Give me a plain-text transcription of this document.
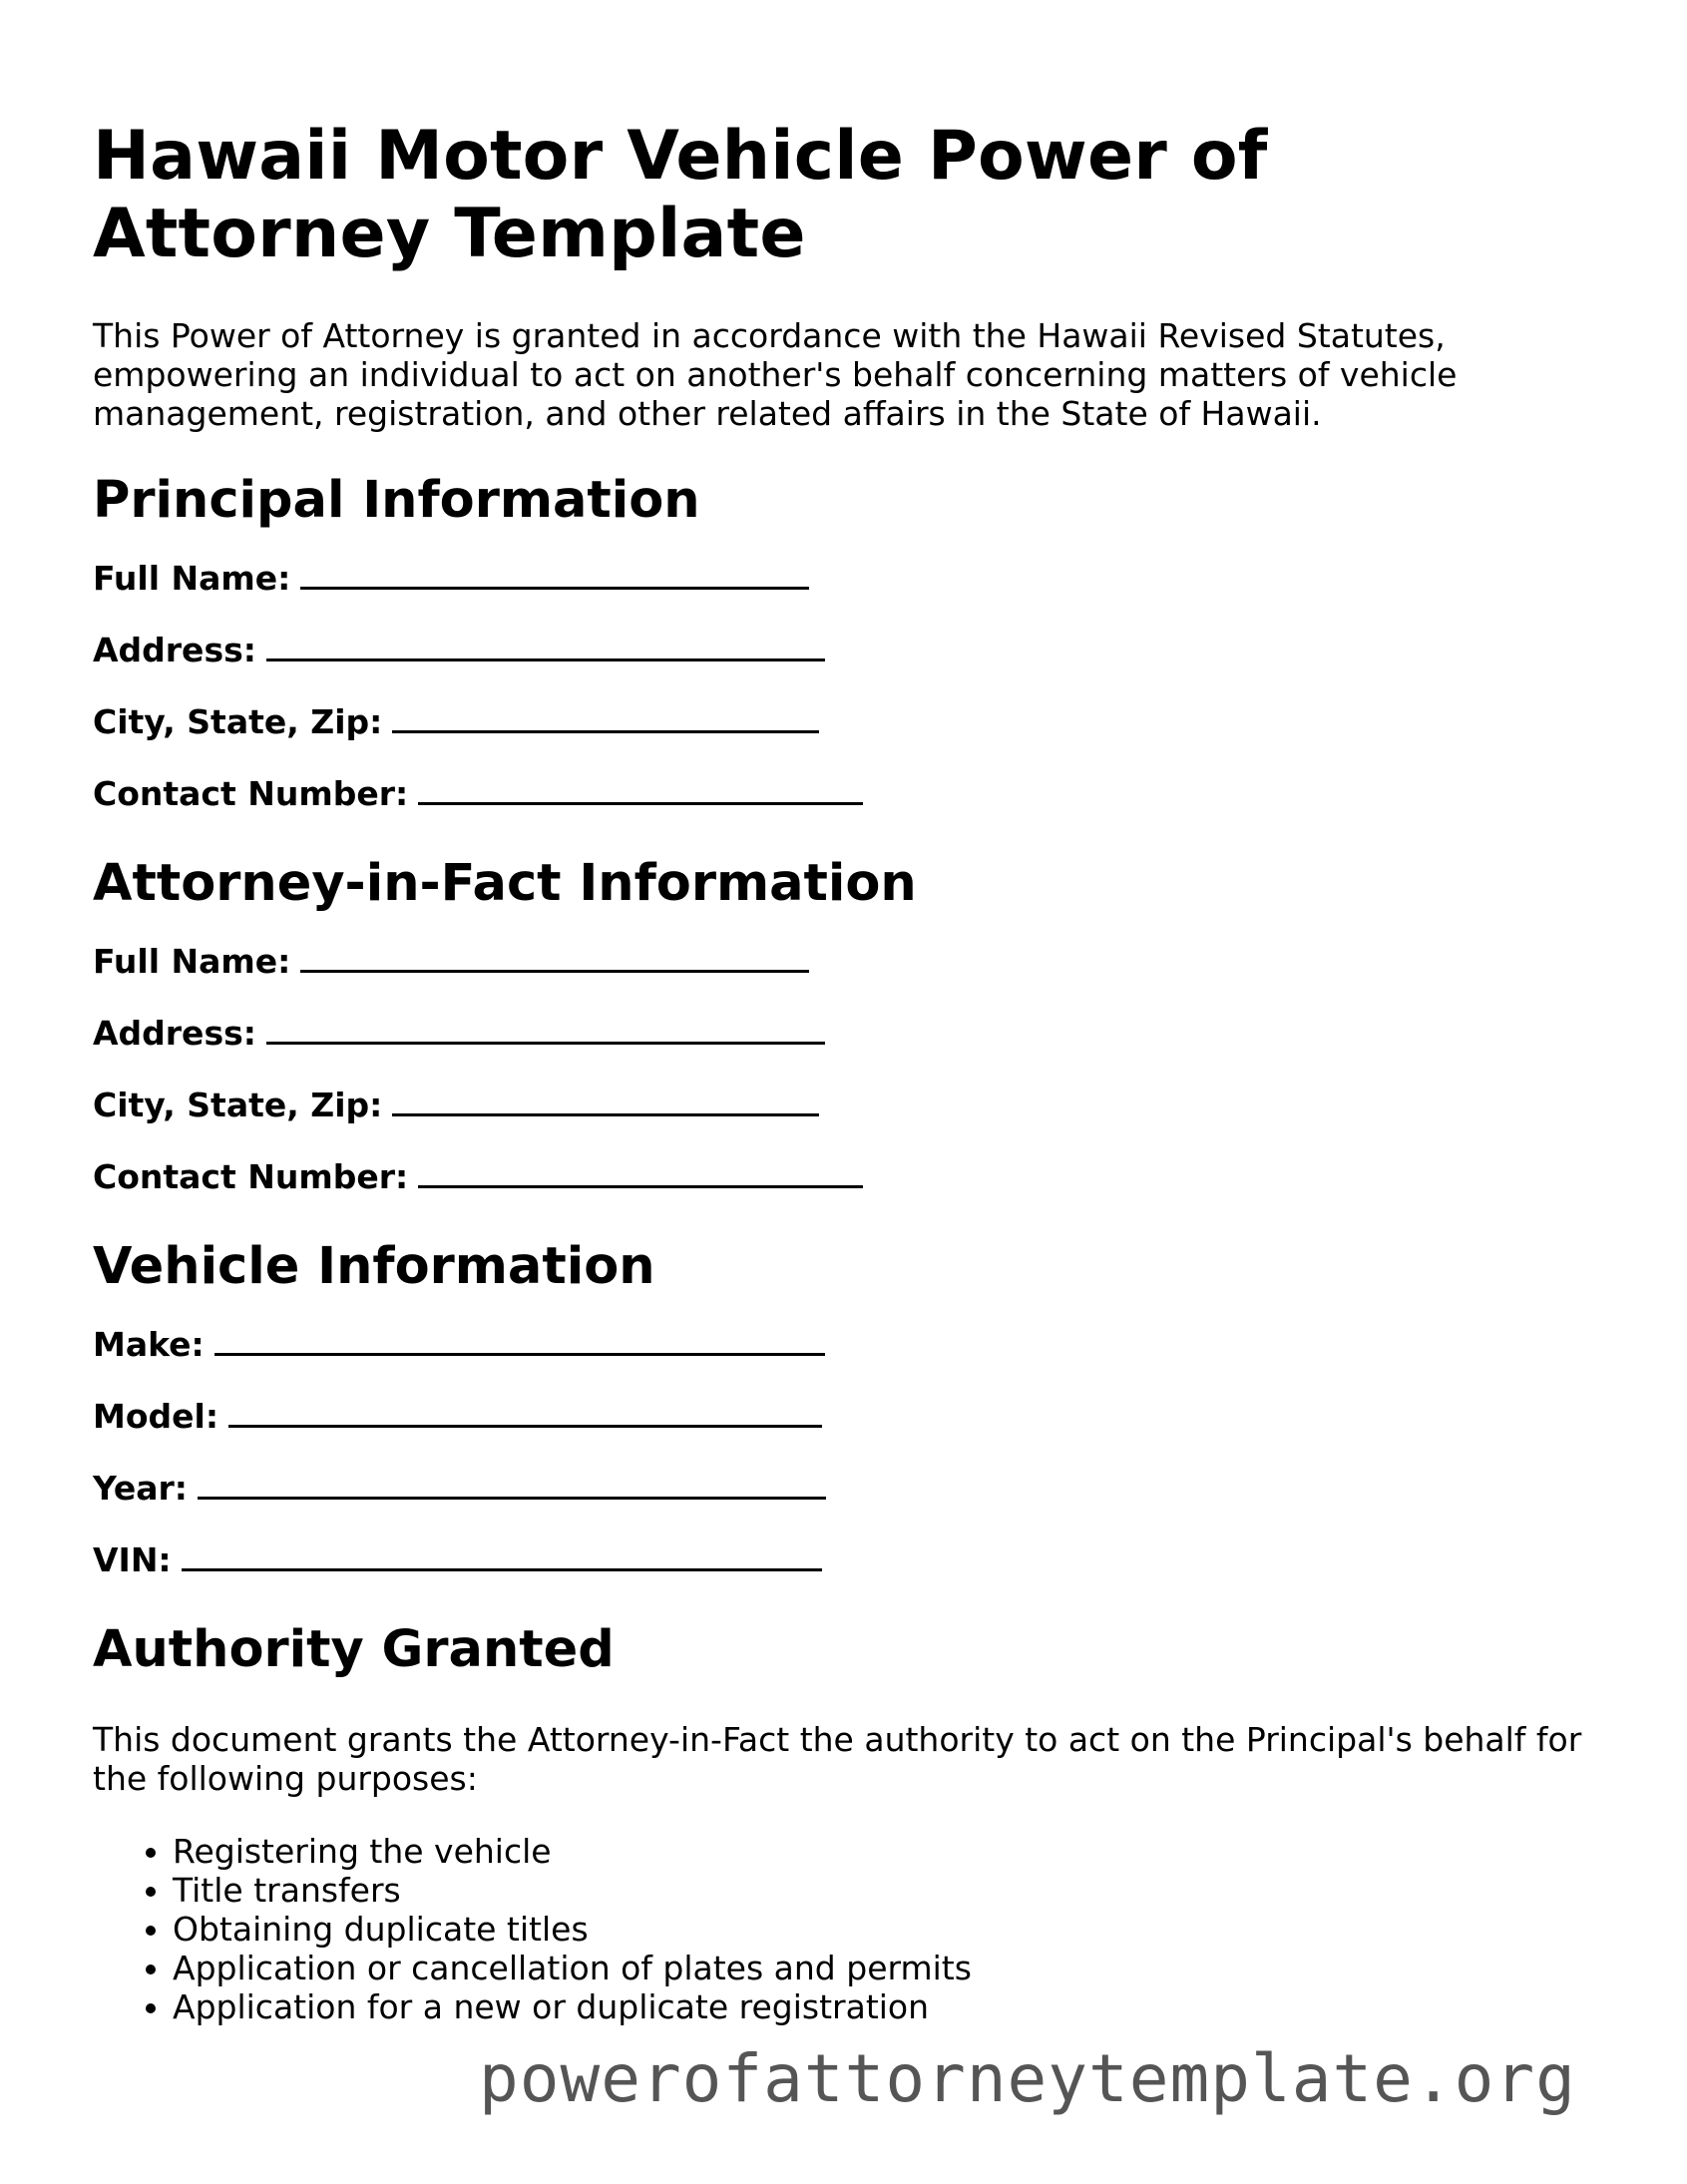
Hawaii Motor Vehicle Power of Attorney Template

This Power of Attorney is granted in accordance with the Hawaii Revised Statutes, empowering an individual to act on another's behalf concerning matters of vehicle management, registration, and other related affairs in the State of Hawaii.

Principal Information
Full Name:
Address:
City, State, Zip:
Contact Number:
Attorney-in-Fact Information
Full Name:
Address:
City, State, Zip:
Contact Number:
Vehicle Information
Make:
Model:
Year:
VIN:
Authority Granted

This document grants the Attorney-in-Fact the authority to act on the Principal's behalf for the following purposes:

• Registering the vehicle
• Title transfers
• Obtaining duplicate titles
• Application or cancellation of plates and permits
• Application for a new or duplicate registration
powerofattorneytemplate.org
